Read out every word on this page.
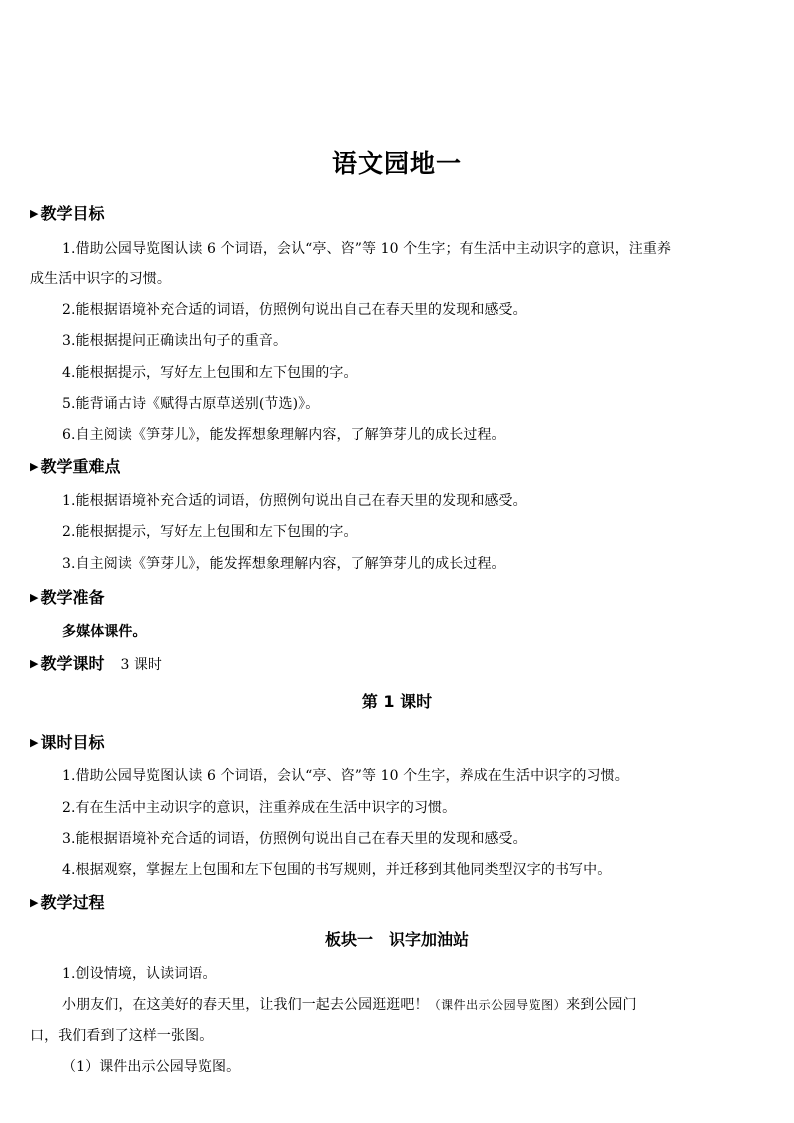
语文园地一
▶ 教学目标
1.借助公园导览图认读 6 个词语，会认“亭、咨”等 10 个生字；有生活中主动识字的意识，注重养
成生活中识字的习惯。
2.能根据语境补充合适的词语，仿照例句说出自己在春天里的发现和感受。
3.能根据提问正确读出句子的重音。
4.能根据提示，写好左上包围和左下包围的字。
5.能背诵古诗《赋得古原草送别(节选)》。
6.自主阅读《笋芽儿》，能发挥想象理解内容，了解笋芽儿的成长过程。
▶ 教学重难点
1.能根据语境补充合适的词语，仿照例句说出自己在春天里的发现和感受。
2.能根据提示，写好左上包围和左下包围的字。
3.自主阅读《笋芽儿》，能发挥想象理解内容，了解笋芽儿的成长过程。
▶ 教学准备
多媒体课件。
▶ 教学课时 3 课时
第 1 课时
▶ 课时目标
1.借助公园导览图认读 6 个词语，会认“亭、咨”等 10 个生字，养成在生活中识字的习惯。
2.有在生活中主动识字的意识，注重养成在生活中识字的习惯。
3.能根据语境补充合适的词语，仿照例句说出自己在春天里的发现和感受。
4.根据观察，掌握左上包围和左下包围的书写规则，并迁移到其他同类型汉字的书写中。
▶ 教学过程
板块一　识字加油站
1.创设情境，认读词语。
小朋友们，在这美好的春天里，让我们一起去公园逛逛吧！（课件出示公园导览图）来到公园门
口，我们看到了这样一张图。
（1）课件出示公园导览图。
